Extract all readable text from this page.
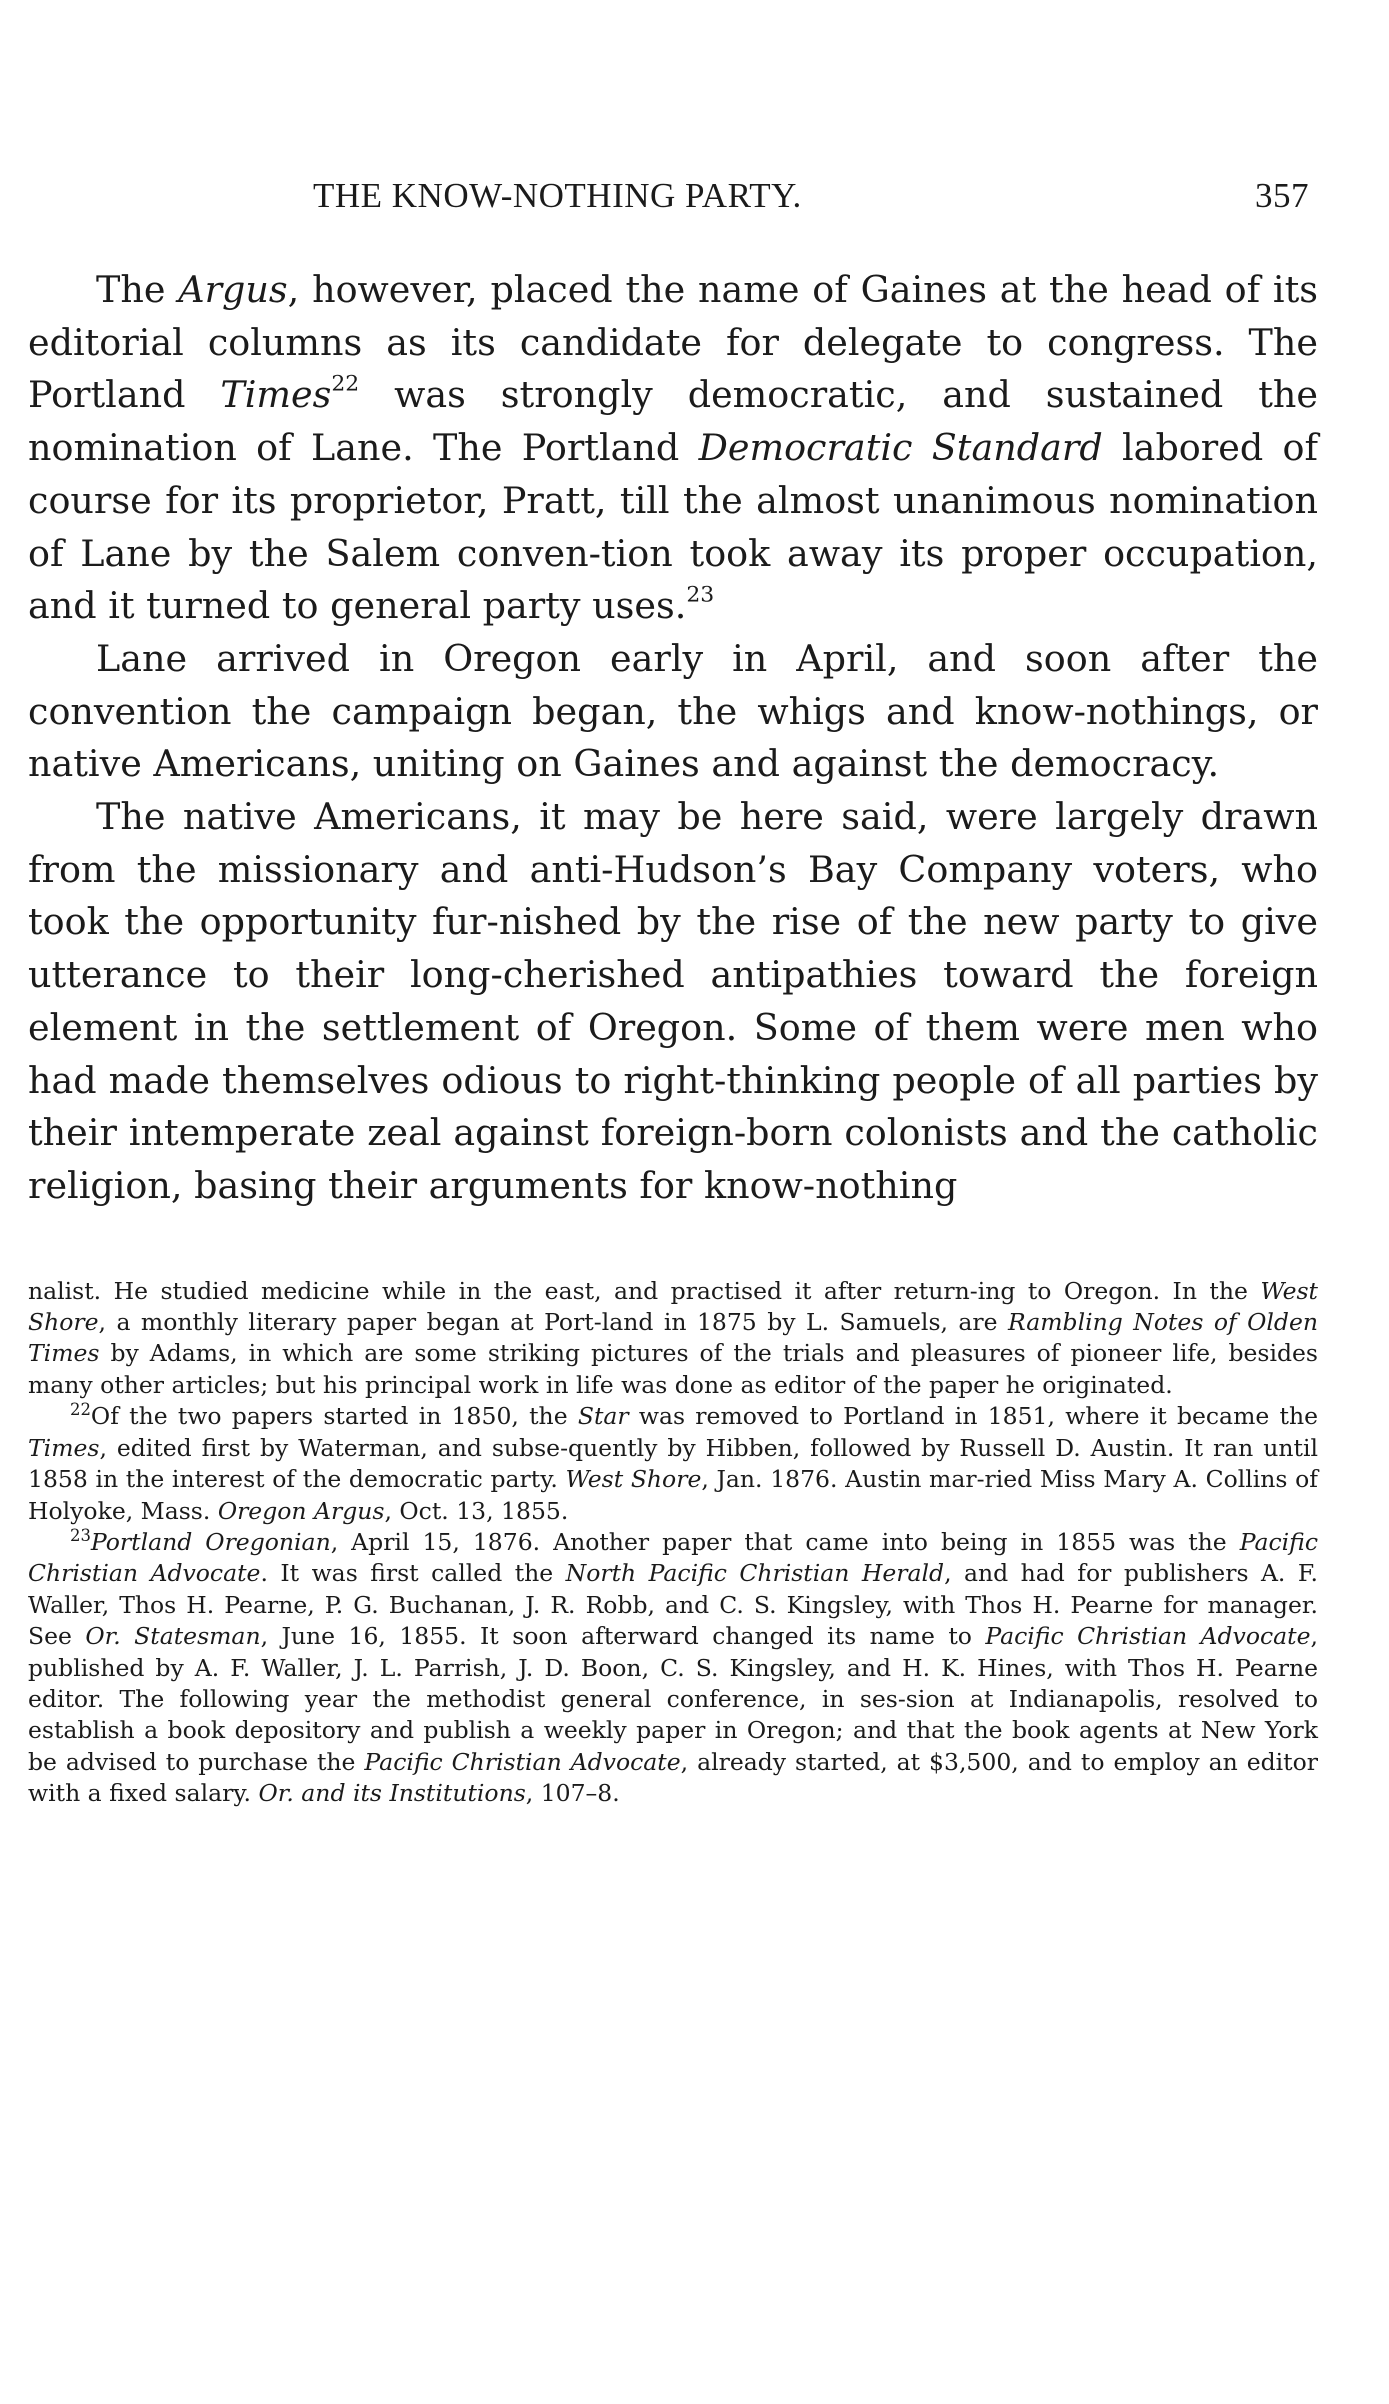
THE KNOW-NOTHING PARTY.	357

The Argus, however, placed the name of Gaines at the head of its editorial columns as its candidate for delegate to congress. The Portland Times$^{22}$ was strongly democratic, and sustained the nomination of Lane. The Portland Democratic Standard labored of course for its proprietor, Pratt, till the almost unanimous nomination of Lane by the Salem conven-tion took away its proper occupation, and it turned to general party uses.$^{23}$

Lane arrived in Oregon early in April, and soon after the convention the campaign began, the whigs and know-nothings, or native Americans, uniting on Gaines and against the democracy.

The native Americans, it may be here said, were largely drawn from the missionary and anti-Hudson’s Bay Company voters, who took the opportunity fur-nished by the rise of the new party to give utterance to their long-cherished antipathies toward the foreign element in the settlement of Oregon. Some of them were men who had made themselves odious to right-thinking people of all parties by their intemperate zeal against foreign-born colonists and the catholic religion, basing their arguments for know-nothing

nalist. He studied medicine while in the east, and practised it after return-ing to Oregon. In the West Shore, a monthly literary paper began at Port-land in 1875 by L. Samuels, are Rambling Notes of Olden Times by Adams, in which are some striking pictures of the trials and pleasures of pioneer life, besides many other articles; but his principal work in life was done as editor of the paper he originated.

$^{22}$Of the two papers started in 1850, the Star was removed to Portland in 1851, where it became the Times, edited first by Waterman, and subse-quently by Hibben, followed by Russell D. Austin. It ran until 1858 in the interest of the democratic party. West Shore, Jan. 1876. Austin mar-ried Miss Mary A. Collins of Holyoke, Mass. Oregon Argus, Oct. 13, 1855.

$^{23}$Portland Oregonian, April 15, 1876. Another paper that came into being in 1855 was the Pacific Christian Advocate. It was first called the North Pacific Christian Herald, and had for publishers A. F. Waller, Thos H. Pearne, P. G. Buchanan, J. R. Robb, and C. S. Kingsley, with Thos H. Pearne for manager. See Or. Statesman, June 16, 1855. It soon afterward changed its name to Pacific Christian Advocate, published by A. F. Waller, J. L. Parrish, J. D. Boon, C. S. Kingsley, and H. K. Hines, with Thos H. Pearne editor. The following year the methodist general conference, in ses-sion at Indianapolis, resolved to establish a book depository and publish a weekly paper in Oregon; and that the book agents at New York be advised to purchase the Pacific Christian Advocate, already started, at $3,500, and to employ an editor with a fixed salary. Or. and its Institutions, 107–8.
